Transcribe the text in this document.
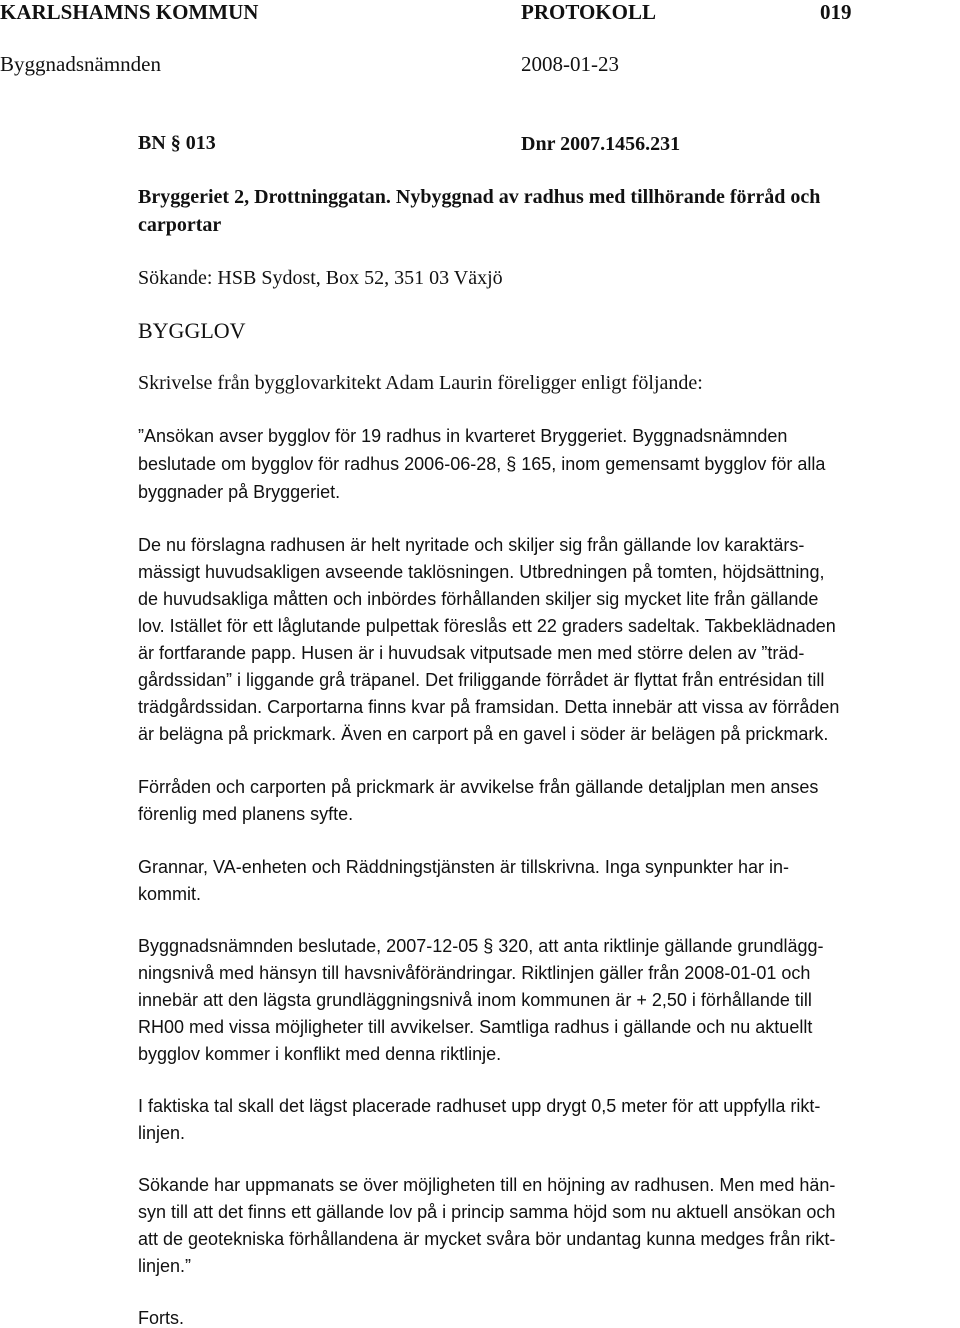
KARLSHAMNS KOMMUN	PROTOKOLL	019
Byggnadsnämnden	2008-01-23
BN § 013	Dnr 2007.1456.231
Bryggeriet 2, Drottninggatan. Nybyggnad av radhus med tillhörande förråd och
carportar
Sökande: HSB Sydost, Box 52, 351 03 Växjö
BYGGLOV
Skrivelse från bygglovarkitekt Adam Laurin föreligger enligt följande:
”Ansökan avser bygglov för 19 radhus in kvarteret Bryggeriet. Byggnadsnämnden
beslutade om bygglov för radhus 2006-06-28, § 165, inom gemensamt bygglov för alla
byggnader på Bryggeriet.
De nu förslagna radhusen är helt nyritade och skiljer sig från gällande lov karaktärs-
mässigt huvudsakligen avseende taklösningen. Utbredningen på tomten, höjdsättning,
de huvudsakliga måtten och inbördes förhållanden skiljer sig mycket lite från gällande
lov. Istället för ett låglutande pulpettak föreslås ett 22 graders sadeltak. Takbeklädnaden
är fortfarande papp. Husen är i huvudsak vitputsade men med större delen av ”träd-
gårdssidan” i liggande grå träpanel. Det friliggande förrådet är flyttat från entrésidan till
trädgårdssidan. Carportarna finns kvar på framsidan. Detta innebär att vissa av förråden
är belägna på prickmark. Även en carport på en gavel i söder är belägen på prickmark.
Förråden och carporten på prickmark är avvikelse från gällande detaljplan men anses
förenlig med planens syfte.
Grannar, VA-enheten och Räddningstjänsten är tillskrivna. Inga synpunkter har in-
kommit.
Byggnadsnämnden beslutade, 2007-12-05 § 320, att anta riktlinje gällande grundlägg-
ningsnivå med hänsyn till havsnivåförändringar. Riktlinjen gäller från 2008-01-01 och
innebär att den lägsta grundläggningsnivå inom kommunen är + 2,50 i förhållande till
RH00 med vissa möjligheter till avvikelser. Samtliga radhus i gällande och nu aktuellt
bygglov kommer i konflikt med denna riktlinje.
I faktiska tal skall det lägst placerade radhuset upp drygt 0,5 meter för att uppfylla rikt-
linjen.
Sökande har uppmanats se över möjligheten till en höjning av radhusen. Men med hän-
syn till att det finns ett gällande lov på i princip samma höjd som nu aktuell ansökan och
att de geotekniska förhållandena är mycket svåra bör undantag kunna medges från rikt-
linjen.”
Forts.
